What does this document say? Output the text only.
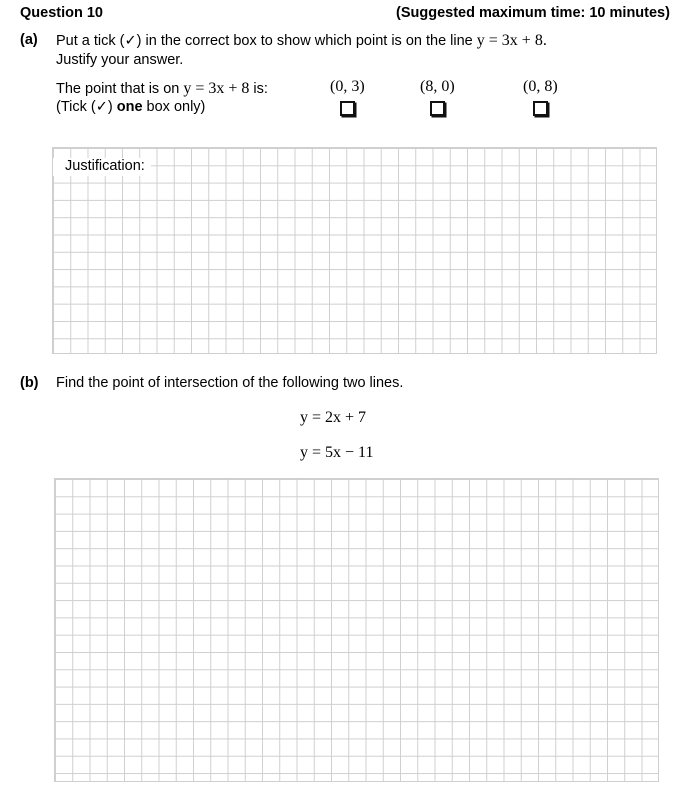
Question 10	(Suggested maximum time: 10 minutes)
(a) Put a tick (✓) in the correct box to show which point is on the line y = 3x + 8.
Justify your answer.
The point that is on y = 3x + 8 is:
(Tick (✓) one box only)
(0, 3)	(8, 0)	(0, 8)
Justification:
(b) Find the point of intersection of the following two lines.
y = 2x + 7
y = 5x − 11
